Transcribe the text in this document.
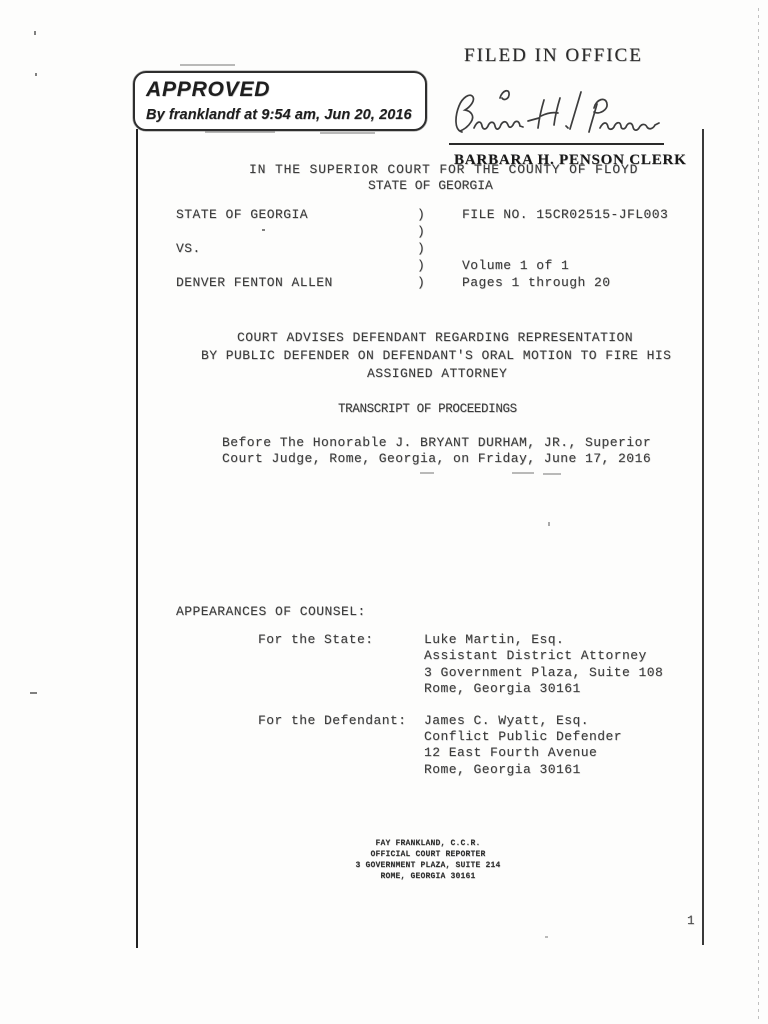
FILED IN OFFICE
APPROVED
By franklandf at 9:54 am, Jun 20, 2016
BARBARA H. PENSON CLERK
IN THE SUPERIOR COURT FOR THE COUNTY OF FLOYD
STATE OF GEORGIA
STATE OF GEORGIA
VS.
DENVER FENTON ALLEN
)
)
)
)
)
FILE NO. 15CR02515-JFL003
Volume 1 of 1
Pages 1 through 20
COURT ADVISES DEFENDANT REGARDING REPRESENTATION
BY PUBLIC DEFENDER ON DEFENDANT'S ORAL MOTION TO FIRE HIS
ASSIGNED ATTORNEY
TRANSCRIPT OF PROCEEDINGS
Before The Honorable J. BRYANT DURHAM, JR., Superior
Court Judge, Rome, Georgia, on Friday, June 17, 2016
APPEARANCES OF COUNSEL:
For the State:	Luke Martin, Esq.
Assistant District Attorney
3 Government Plaza, Suite 108
Rome, Georgia 30161
For the Defendant: James C. Wyatt, Esq.
Conflict Public Defender
12 East Fourth Avenue
Rome, Georgia 30161
FAY FRANKLAND, C.C.R.
OFFICIAL COURT REPORTER
3 GOVERNMENT PLAZA, SUITE 214
ROME, GEORGIA 30161
1
